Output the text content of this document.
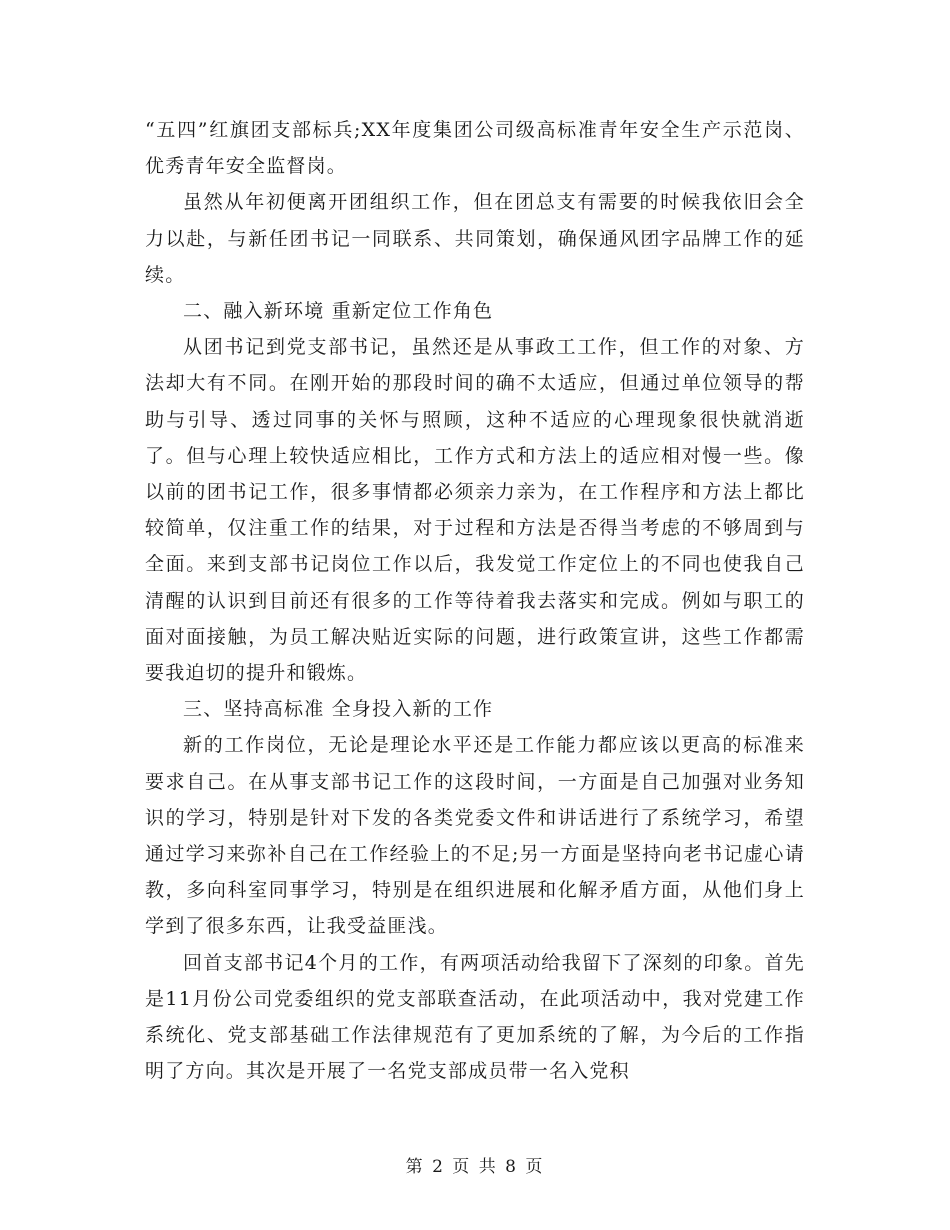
“五四”红旗团支部标兵;XX年度集团公司级高标准青年安全生产示范岗、优秀青年安全监督岗。

虽然从年初便离开团组织工作，但在团总支有需要的时候我依旧会全力以赴，与新任团书记一同联系、共同策划，确保通风团字品牌工作的延续。

二、融入新环境 重新定位工作角色

从团书记到党支部书记，虽然还是从事政工工作，但工作的对象、方法却大有不同。在刚开始的那段时间的确不太适应，但通过单位领导的帮助与引导、透过同事的关怀与照顾，这种不适应的心理现象很快就消逝了。但与心理上较快适应相比，工作方式和方法上的适应相对慢一些。像以前的团书记工作，很多事情都必须亲力亲为，在工作程序和方法上都比较简单，仅注重工作的结果，对于过程和方法是否得当考虑的不够周到与全面。来到支部书记岗位工作以后，我发觉工作定位上的不同也使我自己清醒的认识到目前还有很多的工作等待着我去落实和完成。例如与职工的面对面接触，为员工解决贴近实际的问题，进行政策宣讲，这些工作都需要我迫切的提升和锻炼。

三、坚持高标准 全身投入新的工作

新的工作岗位，无论是理论水平还是工作能力都应该以更高的标准来要求自己。在从事支部书记工作的这段时间，一方面是自己加强对业务知识的学习，特别是针对下发的各类党委文件和讲话进行了系统学习，希望通过学习来弥补自己在工作经验上的不足;另一方面是坚持向老书记虚心请教，多向科室同事学习，特别是在组织进展和化解矛盾方面，从他们身上学到了很多东西，让我受益匪浅。

回首支部书记4个月的工作，有两项活动给我留下了深刻的印象。首先是11月份公司党委组织的党支部联查活动，在此项活动中，我对党建工作系统化、党支部基础工作法律规范有了更加系统的了解，为今后的工作指明了方向。其次是开展了一名党支部成员带一名入党积

第 2 页 共 8 页
